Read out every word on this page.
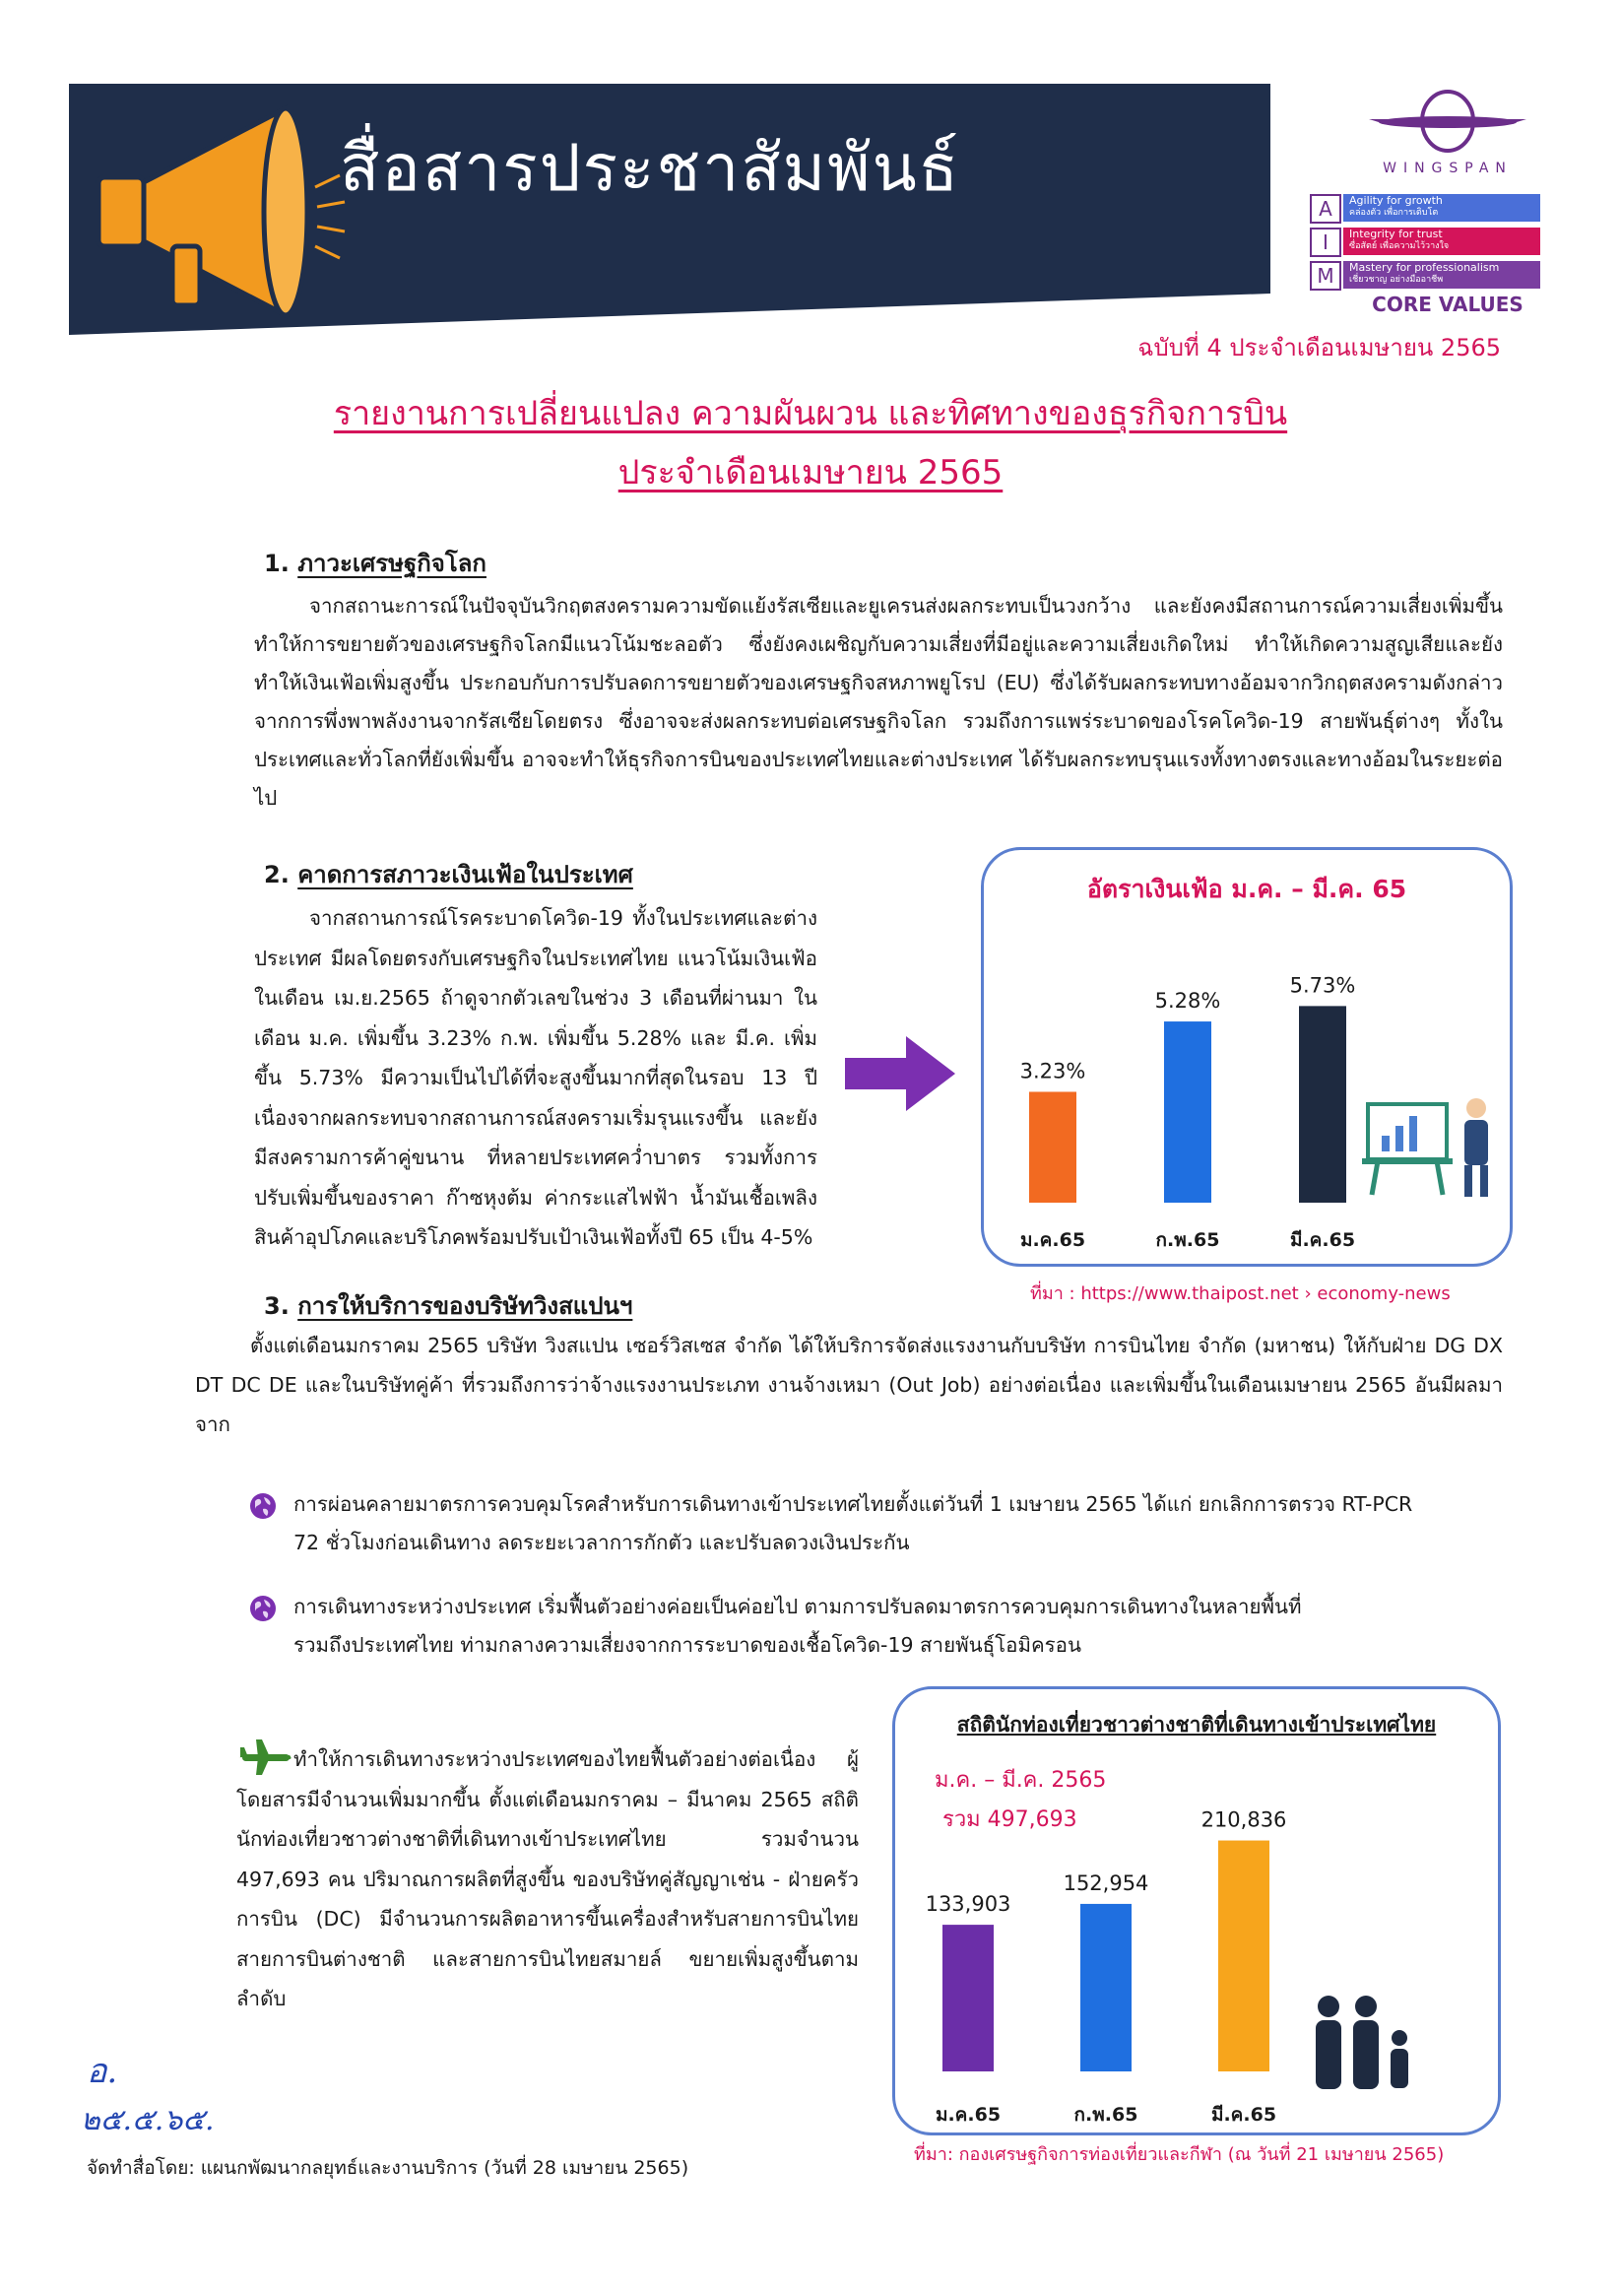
สื่อสารประชาสัมพันธ์	WINGSPAN
A	Agility for growth
คล่องตัว เพื่อการเติบโต
I	Integrity for trust
ซื่อสัตย์ เพื่อความไว้วางใจ
M	Mastery for professionalism
เชี่ยวชาญ อย่างมืออาชีพ
CORE VALUES
ฉบับที่ 4 ประจำเดือนเมษายน 2565
รายงานการเปลี่ยนแปลง ความผันผวน และทิศทางของธุรกิจการบิน
ประจำเดือนเมษายน 2565
1. ภาวะเศรษฐกิจโลก
จากสถานะการณ์ในปัจจุบันวิกฤตสงครามความขัดแย้งรัสเซียและยูเครนส่งผลกระทบเป็นวงกว้าง และยังคงมีสถานการณ์ความเสี่ยงเพิ่มขึ้น ทำให้การขยายตัวของเศรษฐกิจโลกมีแนวโน้มชะลอตัว ซึ่งยังคงเผชิญกับความเสี่ยงที่มีอยู่และความเสี่ยงเกิดใหม่ ทำให้เกิดความสูญเสียและยังทำให้เงินเฟ้อเพิ่มสูงขึ้น ประกอบกับการปรับลดการขยายตัวของเศรษฐกิจสหภาพยูโรป (EU) ซึ่งได้รับผลกระทบทางอ้อมจากวิกฤตสงครามดังกล่าวจากการพึ่งพาพลังงานจากรัสเซียโดยตรง ซึ่งอาจจะส่งผลกระทบต่อเศรษฐกิจโลก รวมถึงการแพร่ระบาดของโรคโควิด-19 สายพันธุ์ต่างๆ ทั้งในประเทศและทั่วโลกที่ยังเพิ่มขึ้น อาจจะทำให้ธุรกิจการบินของประเทศไทยและต่างประเทศ ได้รับผลกระทบรุนแรงทั้งทางตรงและทางอ้อมในระยะต่อไป
2. คาดการสภาวะเงินเฟ้อในประเทศ
จากสถานการณ์โรคระบาดโควิด-19 ทั้งในประเทศและต่างประเทศ มีผลโดยตรงกับเศรษฐกิจในประเทศไทย แนวโน้มเงินเฟ้อในเดือน เม.ย.2565 ถ้าดูจากตัวเลขในช่วง 3 เดือนที่ผ่านมา ในเดือน ม.ค. เพิ่มขึ้น 3.23% ก.พ. เพิ่มขึ้น 5.28% และ มี.ค. เพิ่มขึ้น 5.73% มีความเป็นไปได้ที่จะสูงขึ้นมากที่สุดในรอบ 13 ปี เนื่องจากผลกระทบจากสถานการณ์สงครามเริ่มรุนแรงขึ้น และยังมีสงครามการค้าคู่ขนาน ที่หลายประเทศคว่ำบาตร รวมทั้งการปรับเพิ่มขึ้นของราคา ก๊าซหุงต้ม ค่ากระแสไฟฟ้า น้ำมันเชื้อเพลิง สินค้าอุปโภคและบริโภคพร้อมปรับเป้าเงินเฟ้อทั้งปี 65 เป็น 4-5%
อัตราเงินเฟ้อ ม.ค. – มี.ค. 65
3.23%
ม.ค.65
5.28%
ก.พ.65
5.73%
มี.ค.65
ที่มา : https://www.thaipost.net › economy-news
3. การให้บริการของบริษัทวิงสแปนฯ
ตั้งแต่เดือนมกราคม 2565 บริษัท วิงสแปน เซอร์วิสเซส จำกัด ได้ให้บริการจัดส่งแรงงานกับบริษัท การบินไทย จำกัด (มหาชน) ให้กับฝ่าย DG DX DT DC DE และในบริษัทคู่ค้า ที่รวมถึงการว่าจ้างแรงงานประเภท งานจ้างเหมา (Out Job) อย่างต่อเนื่อง และเพิ่มขึ้นในเดือนเมษายน 2565 อันมีผลมาจาก
การผ่อนคลายมาตรการควบคุมโรคสำหรับการเดินทางเข้าประเทศไทยตั้งแต่วันที่ 1 เมษายน 2565 ได้แก่ ยกเลิกการตรวจ RT-PCR
72 ชั่วโมงก่อนเดินทาง ลดระยะเวลาการกักตัว และปรับลดวงเงินประกัน
การเดินทางระหว่างประเทศ เริ่มฟื้นตัวอย่างค่อยเป็นค่อยไป ตามการปรับลดมาตรการควบคุมการเดินทางในหลายพื้นที่
รวมถึงประเทศไทย ท่ามกลางความเสี่ยงจากการระบาดของเชื้อโควิด-19 สายพันธุ์โอมิครอน
ทำให้การเดินทางระหว่างประเทศของไทยฟื้นตัวอย่างต่อเนื่อง ผู้โดยสารมีจำนวนเพิ่มมากขึ้น ตั้งแต่เดือนมกราคม – มีนาคม 2565 สถิตินักท่องเที่ยวชาวต่างชาติที่เดินทางเข้าประเทศไทย รวมจำนวน 497,693 คน ปริมาณการผลิตที่สูงขึ้น ของบริษัทคู่สัญญาเช่น - ฝ่ายครัวการบิน (DC) มีจำนวนการผลิตอาหารขึ้นเครื่องสำหรับสายการบินไทย สายการบินต่างชาติ และสายการบินไทยสมายล์ ขยายเพิ่มสูงขึ้นตามลำดับ
สถิตินักท่องเที่ยวชาวต่างชาติที่เดินทางเข้าประเทศไทย
ม.ค. – มี.ค. 2565
รวม 497,693
133,903
ม.ค.65
152,954
ก.พ.65
210,836
มี.ค.65
ที่มา: กองเศรษฐกิจการท่องเที่ยวและกีฬา (ณ วันที่ 21 เมษายน 2565)
อ.
๒๕.๕.๖๕.
จัดทำสื่อโดย: แผนกพัฒนากลยุทธ์และงานบริการ (วันที่ 28 เมษายน 2565)
